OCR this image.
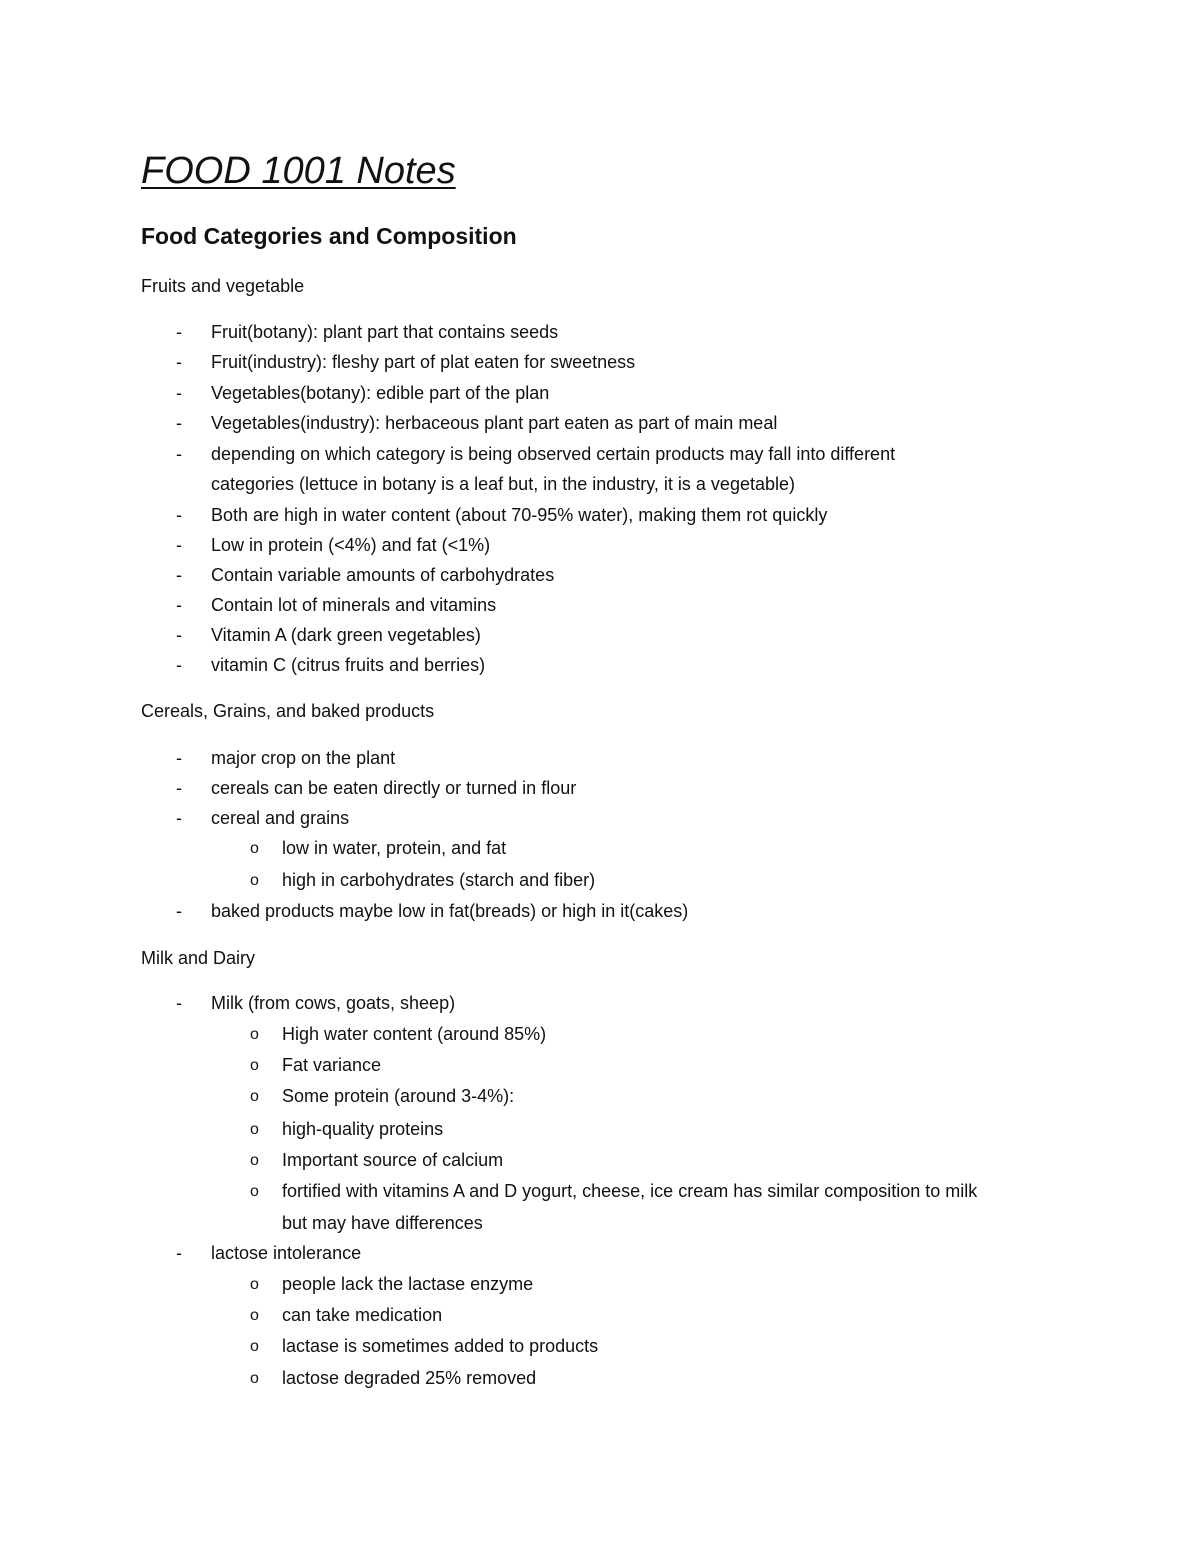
FOOD 1001 Notes
Food Categories and Composition
Fruits and vegetable
-	Fruit(botany): plant part that contains seeds
-	Fruit(industry): fleshy part of plat eaten for sweetness
-	Vegetables(botany): edible part of the plan
-	Vegetables(industry): herbaceous plant part eaten as part of main meal
-	depending on which category is being observed certain products may fall into different
categories (lettuce in botany is a leaf but, in the industry, it is a vegetable)
-	Both are high in water content (about 70-95% water), making them rot quickly
-	Low in protein (<4%) and fat (<1%)
-	Contain variable amounts of carbohydrates
-	Contain lot of minerals and vitamins
-	Vitamin A (dark green vegetables)
-	vitamin C (citrus fruits and berries)
Cereals, Grains, and baked products
-	major crop on the plant
-	cereals can be eaten directly or turned in flour
-	cereal and grains
o low in water, protein, and fat
o high in carbohydrates (starch and fiber)
-	baked products maybe low in fat(breads) or high in it(cakes)
Milk and Dairy
-	Milk (from cows, goats, sheep)
o High water content (around 85%)
o Fat variance
o Some protein (around 3-4%):
o high-quality proteins
o Important source of calcium
o fortified with vitamins A and D yogurt, cheese, ice cream has similar composition to milk
but may have differences
-	lactose intolerance
o people lack the lactase enzyme
o can take medication
o lactase is sometimes added to products
o lactose degraded 25% removed
